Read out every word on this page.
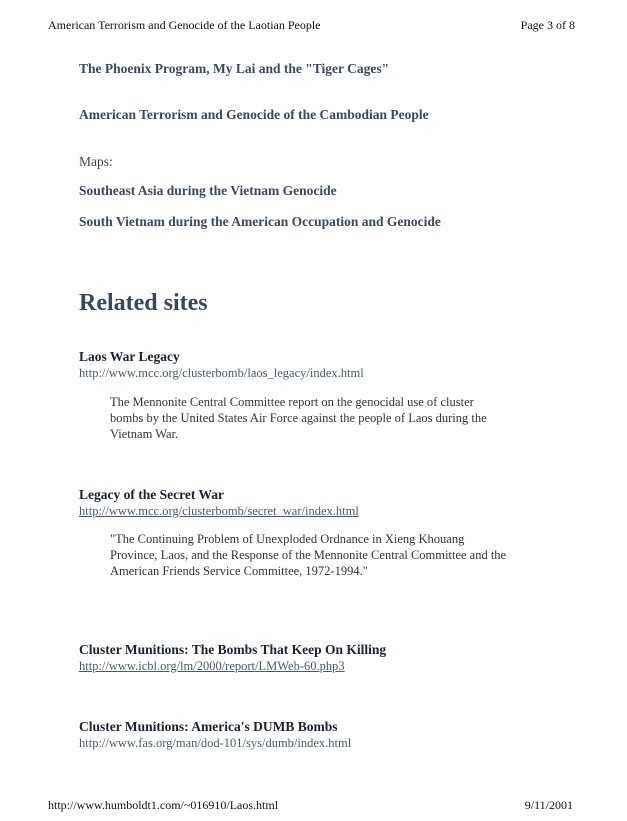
American Terrorism and Genocide of the Laotian People	Page 3 of 8
The Phoenix Program, My Lai and the "Tiger Cages"
American Terrorism and Genocide of the Cambodian People
Maps:
Southeast Asia during the Vietnam Genocide
South Vietnam during the American Occupation and Genocide
Related sites
Laos War Legacy
http://www.mcc.org/clusterbomb/laos_legacy/index.html
The Mennonite Central Committee report on the genocidal use of cluster bombs by the United States Air Force against the people of Laos during the Vietnam War.
Legacy of the Secret War
http://www.mcc.org/clusterbomb/secret_war/index.html
"The Continuing Problem of Unexploded Ordnance in Xieng Khouang Province, Laos, and the Response of the Mennonite Central Committee and the American Friends Service Committee, 1972-1994."
Cluster Munitions: The Bombs That Keep On Killing
http://www.icbl.org/lm/2000/report/LMWeb-60.php3
Cluster Munitions: America's DUMB Bombs
http://www.fas.org/man/dod-101/sys/dumb/index.html
http://www.humboldt1.com/~016910/Laos.html	9/11/2001
